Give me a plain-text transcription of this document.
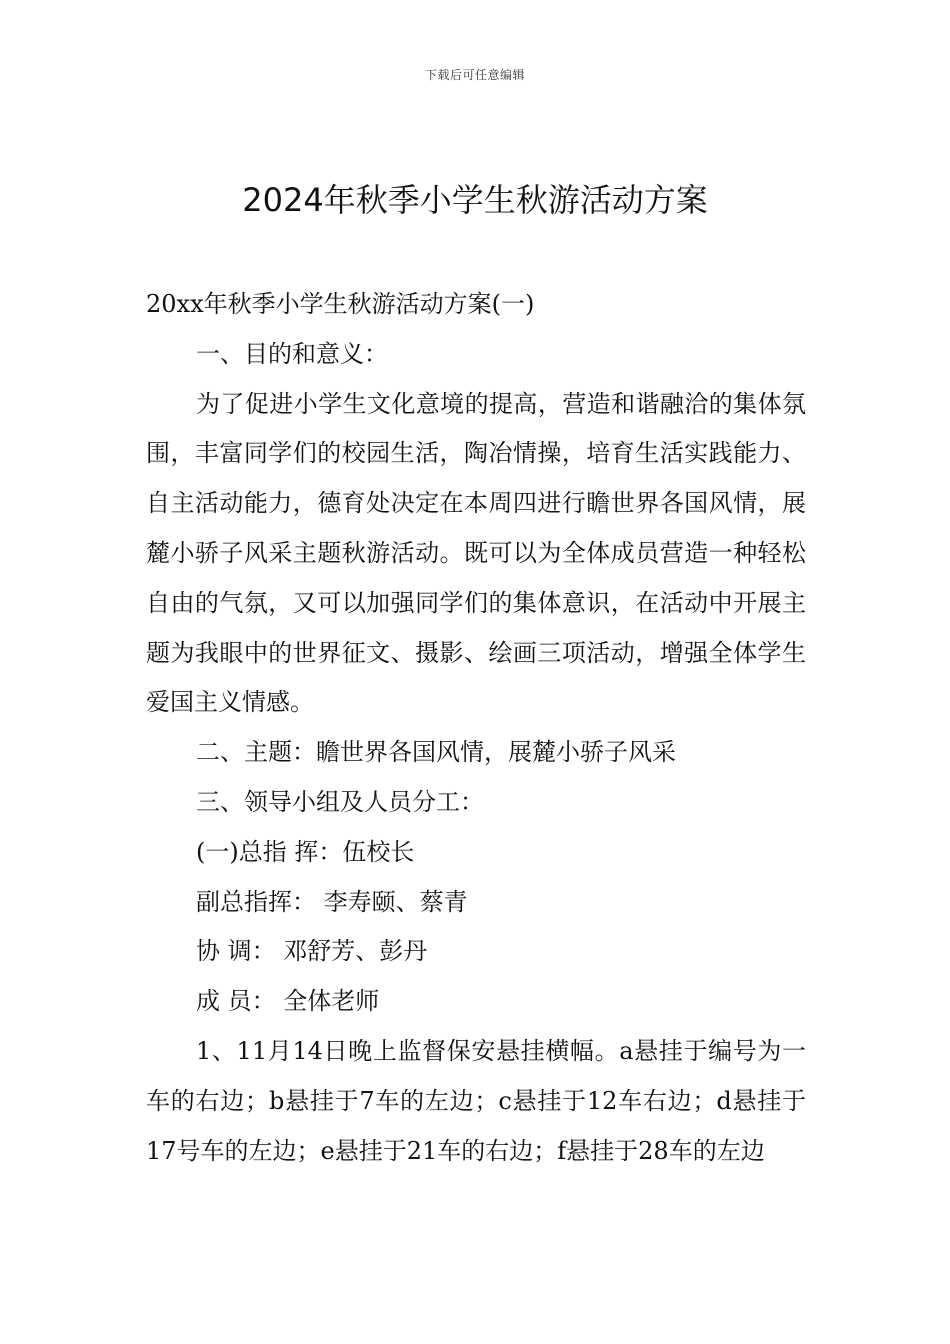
下载后可任意编辑
2024年秋季小学生秋游活动方案

20xx年秋季小学生秋游活动方案(一)

一、目的和意义：

为了促进小学生文化意境的提高，营造和谐融洽的集体氛围，丰富同学们的校园生活，陶冶情操，培育生活实践能力、自主活动能力，德育处决定在本周四进行瞻世界各国风情，展麓小骄子风采主题秋游活动。既可以为全体成员营造一种轻松自由的气氛，又可以加强同学们的集体意识，在活动中开展主题为我眼中的世界征文、摄影、绘画三项活动，增强全体学生爱国主义情感。

二、主题：瞻世界各国风情，展麓小骄子风采

三、领导小组及人员分工：

(一)总指 挥：伍校长

副总指挥： 李寿颐、蔡青

协 调： 邓舒芳、彭丹

成 员： 全体老师

1、11月14日晚上监督保安悬挂横幅。a悬挂于编号为一车的右边；b悬挂于7车的左边；c悬挂于12车右边；d悬挂于17号车的左边；e悬挂于21车的右边；f悬挂于28车的左边
